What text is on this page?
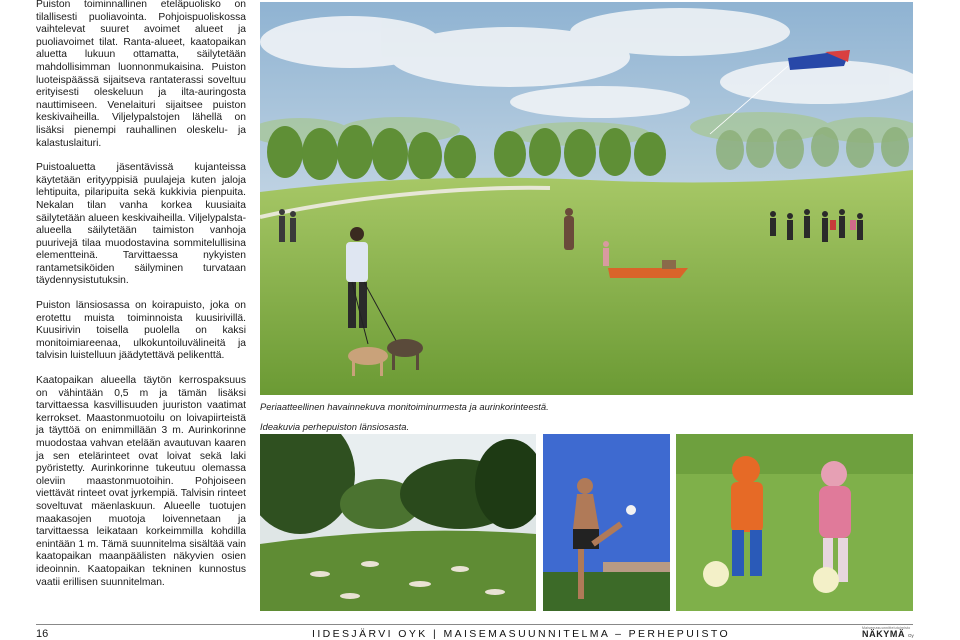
Puiston toiminnallinen eteläpuolisko on tilallisesti puoliavointa. Pohjoispuoliskossa vaihtelevat suuret avoimet alueet ja puoliavoimet tilat. Ranta-alueet, kaatopaikan aluetta lukuun ottamatta, säilytetään mahdollisimman luonnonmukaisina. Puiston luoteispäässä sijaitseva rantaterassi soveltuu erityisesti oleskeluun ja ilta-auringosta nauttimiseen. Venelaituri sijaitsee puiston keskivaiheilla. Viljelypalstojen lähellä on lisäksi pienempi rauhallinen oleskelu- ja kalastuslaituri.

Puistoaluetta jäsentävissä kujanteissa käytetään erityyppisiä puulajeja kuten jaloja lehtipuita, pilaripuita sekä kukkivia pienpuita. Nekalan tilan vanha korkea kuusiaita säilytetään alueen keskivaiheilla. Viljelypalsta-alueella säilytetään taimiston vanhoja puurivejä tilaa muodostavina sommitelullisina elementteinä. Tarvittaessa nykyisten rantametsiköiden säilyminen turvataan täydennysistutuksin.

Puiston länsiosassa on koirapuisto, joka on erotettu muista toiminnoista kuusirivillä. Kuusirivin toisella puolella on kaksi monitoimiareenaa, ulkokuntoiluvälineitä ja talvisin luistelluun jäädytettävä pelikenttä.

Kaatopaikan alueella täytön kerrospaksuus on vähintään 0,5 m ja tämän lisäksi tarvittaessa kasvillisuuden juuriston vaatimat kerrokset. Maastonmuotoilu on loivapiirteistä ja täyttöä on enimmillään 3 m. Aurinkorinne muodostaa vahvan etelään avautuvan kaaren ja sen etelärinteet ovat loivat sekä laki pyöristetty. Aurinkorinne tukeutuu olemassa oleviin maastonmuotoihin. Pohjoiseen viettävät rinteet ovat jyrkempiä. Talvisin rinteet soveltuvat mäenlaskuun. Alueelle tuotujen maakasojen muotoja loivennetaan ja tarvittaessa leikataan korkeimmilla kohdilla enintään 1 m. Tämä suunnitelma sisältää vain kaatopaikan maanpäälisten näkyvien osien ideoinnin. Kaatopaikan tekninen kunnostus vaatii erillisen suunnitelman.

Periaatteellinen havainnekuva monitoiminurmesta ja aurinkorinteestä.
Ideakuvia perhepuiston länsiosasta.
16	IIDESJÄRVI OYK | MAISEMASUUNNITELMA – PERHEPUISTO	Maisemasuunnittelutoimisto
NÄKYMÄ Oy
